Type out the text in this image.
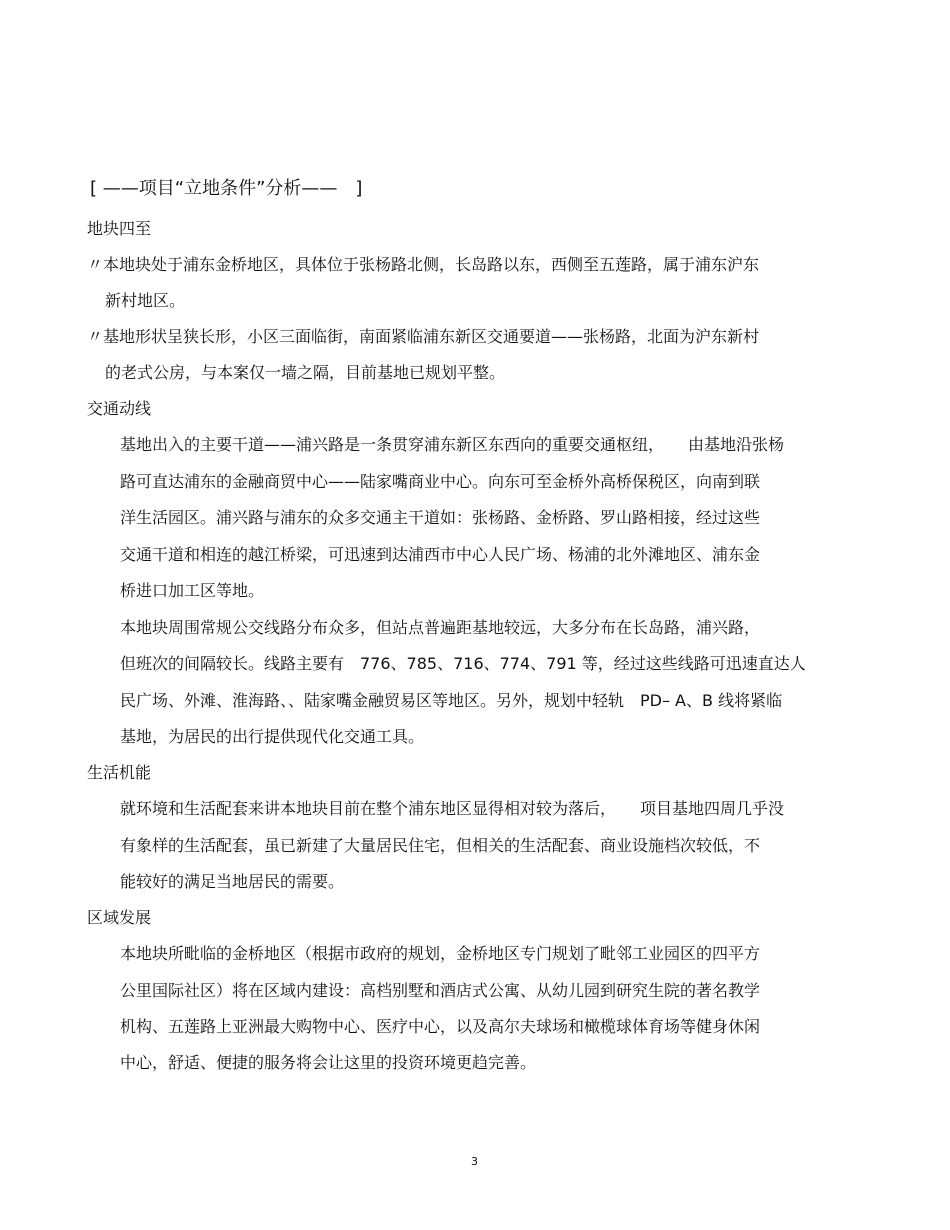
[ ——项目“立地条件”分析——　]
地块四至
〃本地块处于浦东金桥地区，具体位于张杨路北侧，长岛路以东，西侧至五莲路，属于浦东沪东
新村地区。
〃基地形状呈狭长形，小区三面临街，南面紧临浦东新区交通要道——张杨路，北面为沪东新村
的老式公房，与本案仅一墙之隔，目前基地已规划平整。
交通动线
基地出入的主要干道——浦兴路是一条贯穿浦东新区东西向的重要交通枢纽，　　由基地沿张杨
路可直达浦东的金融商贸中心——陆家嘴商业中心。向东可至金桥外高桥保税区，向南到联
洋生活园区。浦兴路与浦东的众多交通主干道如：张杨路、金桥路、罗山路相接，经过这些
交通干道和相连的越江桥梁，可迅速到达浦西市中心人民广场、杨浦的北外滩地区、浦东金
桥进口加工区等地。
本地块周围常规公交线路分布众多，但站点普遍距基地较远，大多分布在长岛路，浦兴路，
但班次的间隔较长。线路主要有　776、785、716、774、791 等，经过这些线路可迅速直达人
民广场、外滩、淮海路、、陆家嘴金融贸易区等地区。另外，规划中轻轨　PD– A、B 线将紧临
基地，为居民的出行提供现代化交通工具。
生活机能
就环境和生活配套来讲本地块目前在整个浦东地区显得相对较为落后，　　项目基地四周几乎没
有象样的生活配套，虽已新建了大量居民住宅，但相关的生活配套、商业设施档次较低，不
能较好的满足当地居民的需要。
区域发展
本地块所毗临的金桥地区（根据市政府的规划，金桥地区专门规划了毗邻工业园区的四平方
公里国际社区）将在区域内建设：高档别墅和酒店式公寓、从幼儿园到研究生院的著名教学
机构、五莲路上亚洲最大购物中心、医疗中心，以及高尔夫球场和橄榄球体育场等健身休闲
中心，舒适、便捷的服务将会让这里的投资环境更趋完善。
3
